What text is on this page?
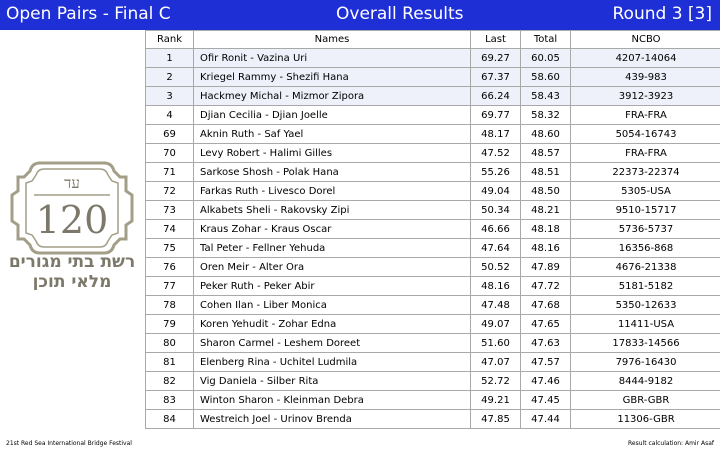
Open Pairs - Final C	Overall Results	Round 3 [3]
עד
120
רשת בתי מגורים
מלאי תוכן
Rank	Names	Last	Total	NCBO
1	Ofir Ronit - Vazina Uri	69.27	60.05	4207-14064
2	Kriegel Rammy - Shezifi Hana	67.37	58.60	439-983
3	Hackmey Michal - Mizmor Zipora	66.24	58.43	3912-3923
4	Djian Cecilia - Djian Joelle	69.77	58.32	FRA-FRA
69	Aknin Ruth - Saf Yael	48.17	48.60	5054-16743
70	Levy Robert - Halimi Gilles	47.52	48.57	FRA-FRA
71	Sarkose Shosh - Polak Hana	55.26	48.51	22373-22374
72	Farkas Ruth - Livesco Dorel	49.04	48.50	5305-USA
73	Alkabets Sheli - Rakovsky Zipi	50.34	48.21	9510-15717
74	Kraus Zohar - Kraus Oscar	46.66	48.18	5736-5737
75	Tal Peter - Fellner Yehuda	47.64	48.16	16356-868
76	Oren Meir - Alter Ora	50.52	47.89	4676-21338
77	Peker Ruth - Peker Abir	48.16	47.72	5181-5182
78	Cohen Ilan - Liber Monica	47.48	47.68	5350-12633
79	Koren Yehudit - Zohar Edna	49.07	47.65	11411-USA
80	Sharon Carmel - Leshem Doreet	51.60	47.63	17833-14566
81	Elenberg Rina - Uchitel Ludmila	47.07	47.57	7976-16430
82	Vig Daniela - Silber Rita	52.72	47.46	8444-9182
83	Winton Sharon - Kleinman Debra	49.21	47.45	GBR-GBR
84	Westreich Joel - Urinov Brenda	47.85	47.44	11306-GBR
21st Red Sea International Bridge Festival	Result calculation: Amir Asaf
